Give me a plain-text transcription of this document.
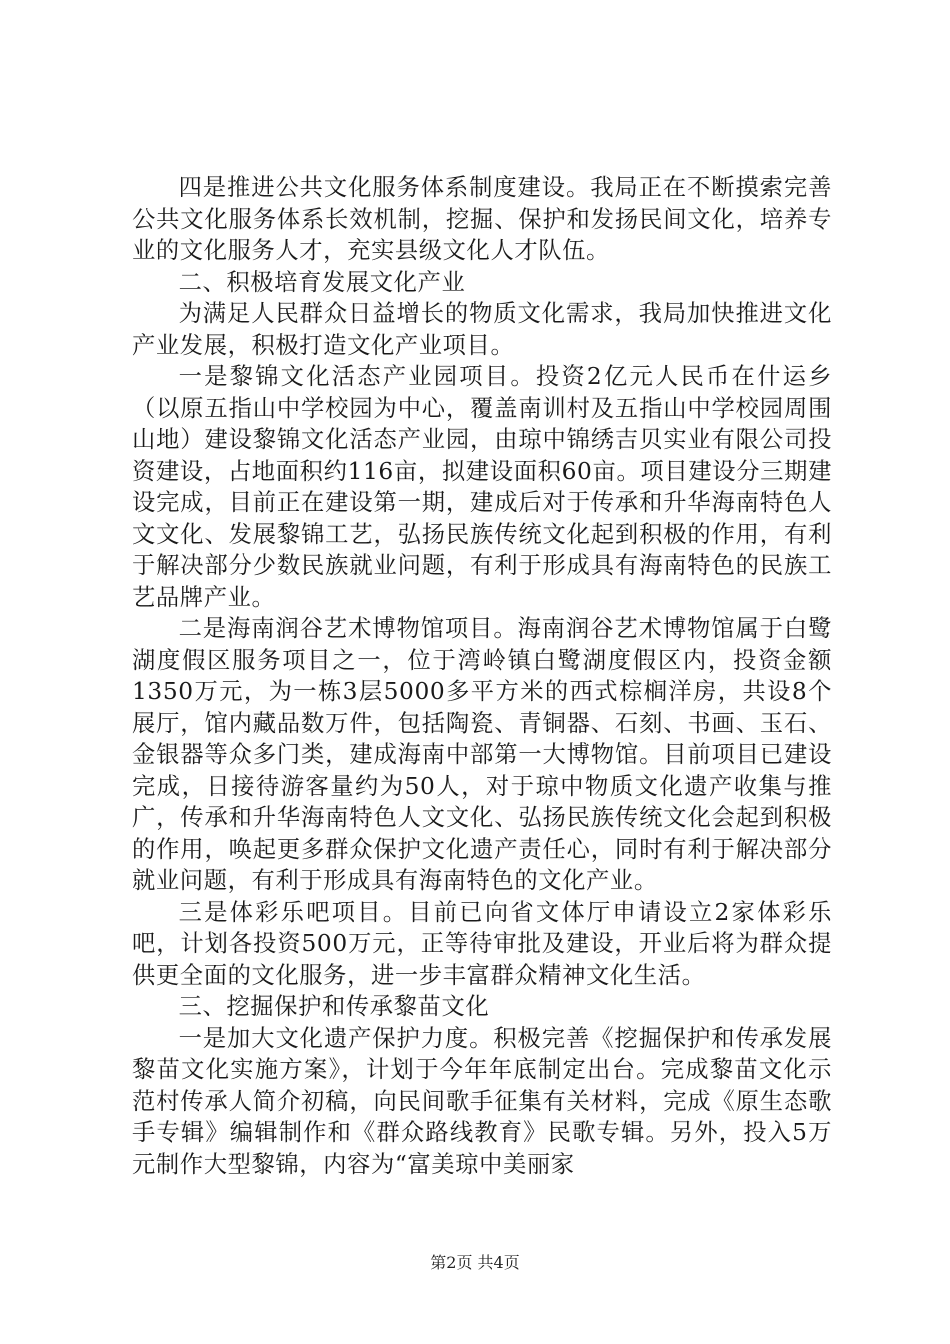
四是推进公共文化服务体系制度建设。我局正在不断摸索完善公共文化服务体系长效机制，挖掘、保护和发扬民间文化，培养专业的文化服务人才，充实县级文化人才队伍。

二、积极培育发展文化产业

为满足人民群众日益增长的物质文化需求，我局加快推进文化产业发展，积极打造文化产业项目。

一是黎锦文化活态产业园项目。投资2亿元人民币在什运乡（以原五指山中学校园为中心，覆盖南训村及五指山中学校园周围山地）建设黎锦文化活态产业园，由琼中锦绣吉贝实业有限公司投资建设，占地面积约116亩，拟建设面积60亩。项目建设分三期建设完成，目前正在建设第一期，建成后对于传承和升华海南特色人文文化、发展黎锦工艺，弘扬民族传统文化起到积极的作用，有利于解决部分少数民族就业问题，有利于形成具有海南特色的民族工艺品牌产业。

二是海南润谷艺术博物馆项目。海南润谷艺术博物馆属于白鹭湖度假区服务项目之一，位于湾岭镇白鹭湖度假区内，投资金额1350万元，为一栋3层5000多平方米的西式棕榈洋房，共设8个展厅，馆内藏品数万件，包括陶瓷、青铜器、石刻、书画、玉石、金银器等众多门类，建成海南中部第一大博物馆。目前项目已建设完成，日接待游客量约为50人，对于琼中物质文化遗产收集与推广，传承和升华海南特色人文文化、弘扬民族传统文化会起到积极的作用，唤起更多群众保护文化遗产责任心，同时有利于解决部分就业问题，有利于形成具有海南特色的文化产业。

三是体彩乐吧项目。目前已向省文体厅申请设立2家体彩乐吧，计划各投资500万元，正等待审批及建设，开业后将为群众提供更全面的文化服务，进一步丰富群众精神文化生活。

三、挖掘保护和传承黎苗文化

一是加大文化遗产保护力度。积极完善《挖掘保护和传承发展黎苗文化实施方案》，计划于今年年底制定出台。完成黎苗文化示范村传承人简介初稿，向民间歌手征集有关材料，完成《原生态歌手专辑》编辑制作和《群众路线教育》民歌专辑。另外，投入5万元制作大型黎锦，内容为“富美琼中美丽家

第2页 共4页
